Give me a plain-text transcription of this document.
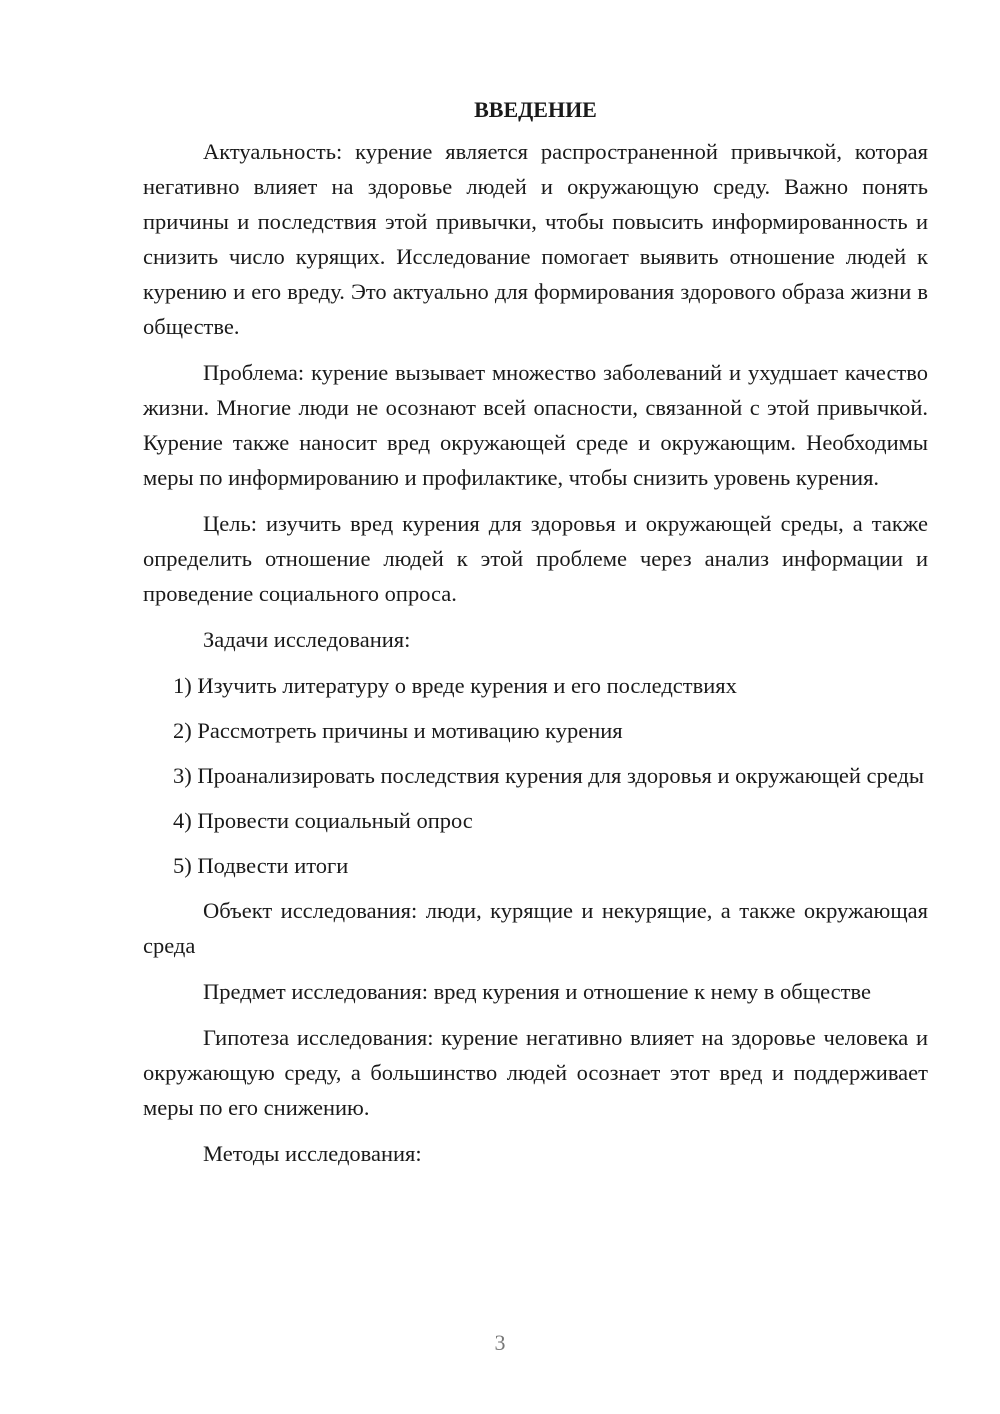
ВВЕДЕНИЕ

Актуальность: курение является распространенной привычкой, которая негативно влияет на здоровье людей и окружающую среду. Важно понять причины и последствия этой привычки, чтобы повысить информированность и снизить число курящих. Исследование помогает выявить отношение людей к курению и его вреду. Это актуально для формирования здорового образа жизни в обществе.

Проблема: курение вызывает множество заболеваний и ухудшает качество жизни. Многие люди не осознают всей опасности, связанной с этой привычкой. Курение также наносит вред окружающей среде и окружающим. Необходимы меры по информированию и профилактике, чтобы снизить уровень курения.

Цель: изучить вред курения для здоровья и окружающей среды, а также определить отношение людей к этой проблеме через анализ информации и проведение социального опроса.

Задачи исследования:

1) Изучить литературу о вреде курения и его последствиях

2) Рассмотреть причины и мотивацию курения

3) Проанализировать последствия курения для здоровья и окружающей среды

4) Провести социальный опрос

5) Подвести итоги

Объект исследования: люди, курящие и некурящие, а также окружающая среда

Предмет исследования: вред курения и отношение к нему в обществе

Гипотеза исследования: курение негативно влияет на здоровье человека и окружающую среду, а большинство людей осознает этот вред и поддерживает меры по его снижению.

Методы исследования:

3
